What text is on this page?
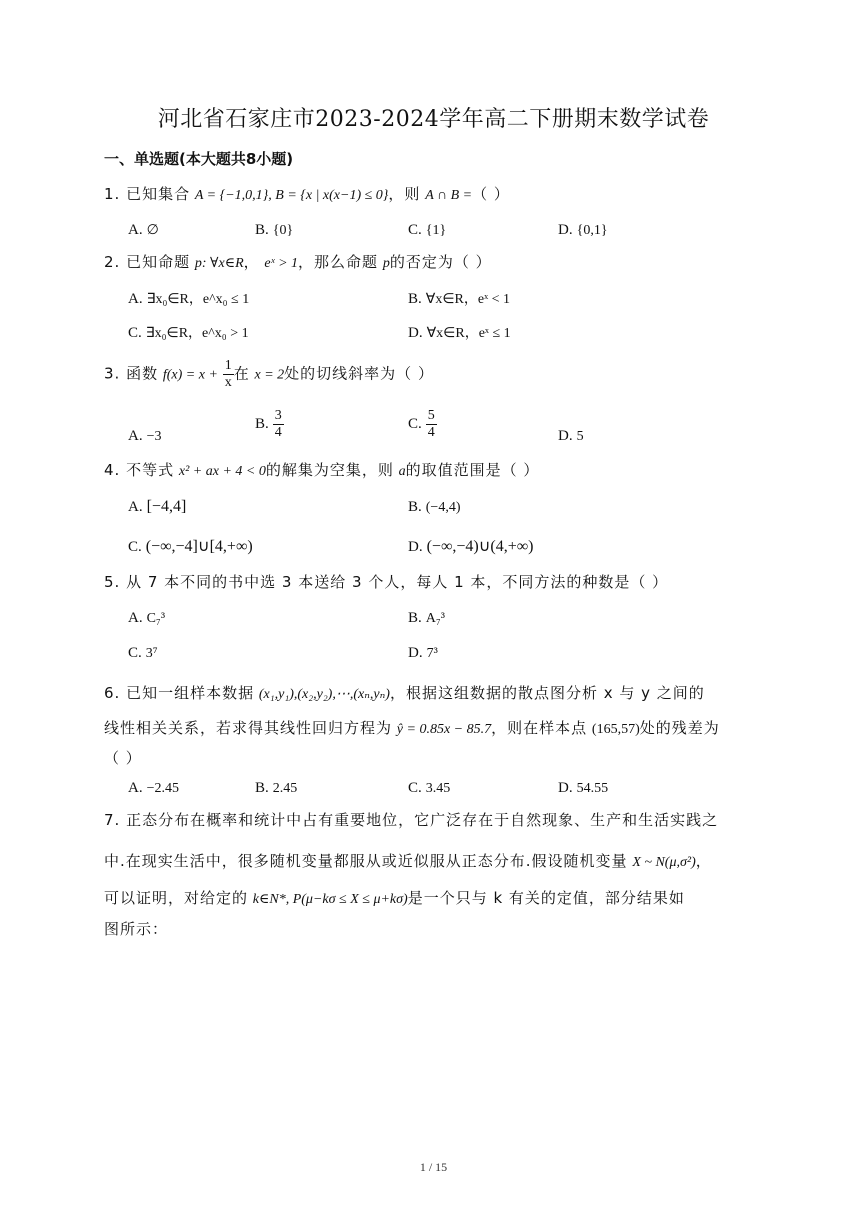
河北省石家庄市2023-2024学年高二下册期末数学试卷
一、单选题(本大题共8小题)
1. 已知集合 A = {−1,0,1}, B = {x | x(x−1) ≤ 0}，则 A ∩ B =（ ）
A. ∅	B. {0}	C. {1}	D. {0,1}
2. 已知命题 p: ∀x∈R， eˣ > 1，那么命题 p的否定为（ ）
A. ∃x₀∈R，e^x₀ ≤ 1	B. ∀x∈R，eˣ < 1
C. ∃x₀∈R，e^x₀ > 1	D. ∀x∈R，eˣ ≤ 1
3. 函数 $f(x) = x + \frac{1}{x}$ 在 x = 2处的切线斜率为（ ）
A. −3
B. $\frac{3}{4}$	C. $\frac{5}{4}$	D. 5
4. 不等式 x² + ax + 4 < 0的解集为空集，则 a的取值范围是（ ）
A. [−4,4]	B. (−4,4)
C. (−∞,−4]∪[4,+∞)	D. (−∞,−4)∪(4,+∞)
5. 从 7 本不同的书中选 3 本送给 3 个人，每人 1 本，不同方法的种数是（ ）
A. C₇³	B. A₇³
C. 3⁷	D. 7³
6. 已知一组样本数据 (x₁,y₁),(x₂,y₂),⋯,(xₙ,yₙ)，根据这组数据的散点图分析 x 与 y 之间的
线性相关关系，若求得其线性回归方程为 ŷ = 0.85x − 85.7，则在样本点 (165,57)处的残差为
（ ）
A. −2.45	B. 2.45	C. 3.45	D. 54.55
7. 正态分布在概率和统计中占有重要地位，它广泛存在于自然现象、生产和生活实践之
中.在现实生活中，很多随机变量都服从或近似服从正态分布.假设随机变量 X ~ N(μ,σ²)，
可以证明，对给定的 k∈N*, P(μ−kσ ≤ X ≤ μ+kσ)是一个只与 k 有关的定值，部分结果如
图所示：
1 / 15
